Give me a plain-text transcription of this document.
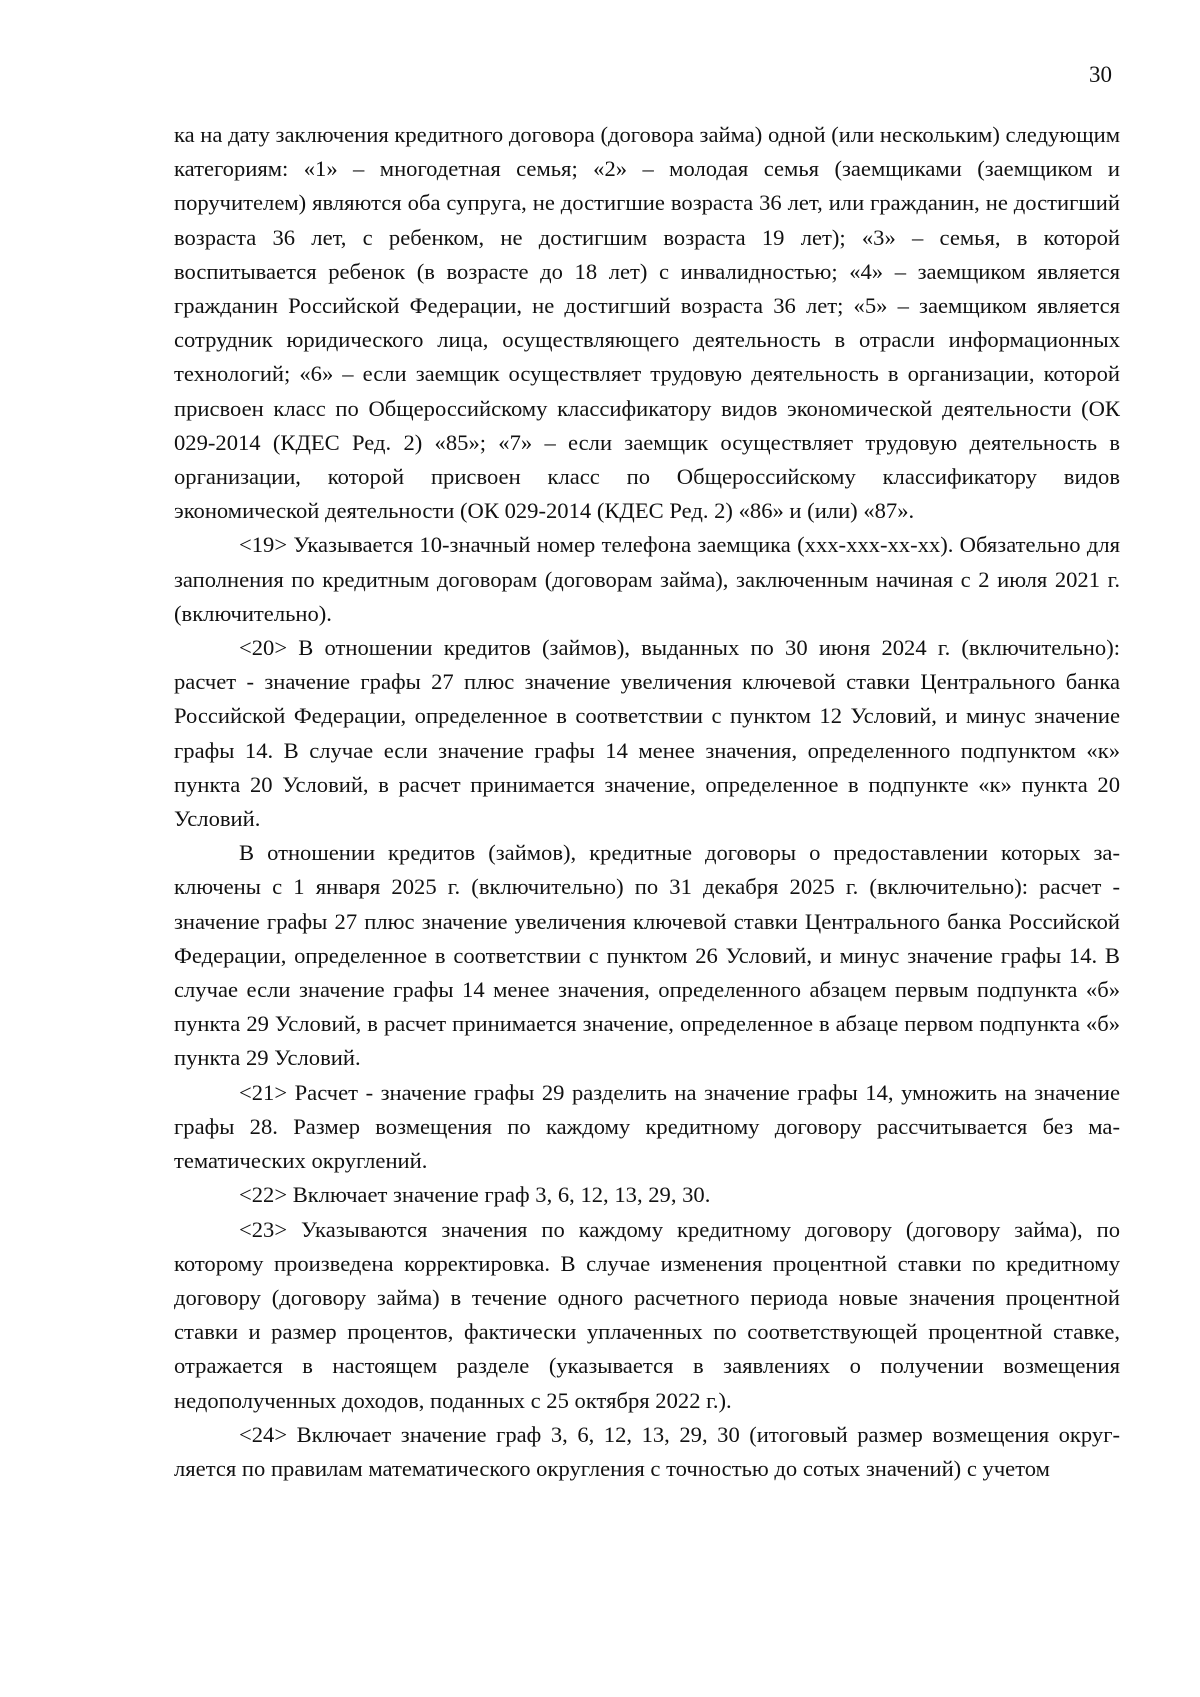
30

ка на дату заключения кредитного договора (договора займа) одной (или нескольким) следующим категориям: «1» – многодетная семья; «2» – молодая семья (заемщиками (заемщиком и поручителем) являются оба супруга, не достигшие возраста 36 лет, или гражданин, не достигший возраста 36 лет, с ребенком, не достигшим возраста 19 лет); «3» – семья, в которой воспитывается ребенок (в возрасте до 18 лет) с инвалидностью; «4» – заемщиком является гражданин Российской Федерации, не достигший возраста 36 лет; «5» – заемщиком является сотрудник юридического лица, осуществляющего деятельность в отрасли информационных технологий; «6» – если заемщик осуществляет трудовую деятельность в организации, которой присвоен класс по Общероссийскому классификатору видов экономической деятельности (ОК 029-2014 (КДЕС Ред. 2) «85»; «7» – если заемщик осуществляет трудовую деятельность в организации, которой присвоен класс по Общероссийскому классификатору видов экономической деятельности (ОК 029-2014 (КДЕС Ред. 2) «86» и (или) «87».

<19> Указывается 10-значный номер телефона заемщика (ххх-ххх-хх-хх). Обязательно для заполнения по кредитным договорам (договорам займа), заключенным начиная с 2 июля 2021 г. (включительно).

<20> В отношении кредитов (займов), выданных по 30 июня 2024 г. (включительно): расчет - значение графы 27 плюс значение увеличения ключевой ставки Центрального банка Российской Федерации, определенное в соответствии с пунктом 12 Условий, и минус значение графы 14. В случае если значение графы 14 менее значения, определенного подпунктом «к» пункта 20 Условий, в расчет принимается значение, определенное в подпункте «к» пункта 20 Условий.

В отношении кредитов (займов), кредитные договоры о предоставлении которых заключены с 1 января 2025 г. (включительно) по 31 декабря 2025 г. (включительно): расчет - значение графы 27 плюс значение увеличения ключевой ставки Центрального банка Российской Федерации, определенное в соответствии с пунктом 26 Условий, и минус значение графы 14. В случае если значение графы 14 менее значения, определенного абзацем первым подпункта «б» пункта 29 Условий, в расчет принимается значение, определенное в абзаце первом подпункта «б» пункта 29 Условий.

<21> Расчет - значение графы 29 разделить на значение графы 14, умножить на значение графы 28. Размер возмещения по каждому кредитному договору рассчитывается без математических округлений.

<22> Включает значение граф 3, 6, 12, 13, 29, 30.

<23> Указываются значения по каждому кредитному договору (договору займа), по которому произведена корректировка. В случае изменения процентной ставки по кредитному договору (договору займа) в течение одного расчетного периода новые значения процентной ставки и размер процентов, фактически уплаченных по соответствующей процентной ставке, отражается в настоящем разделе (указывается в заявлениях о получении возмещения недополученных доходов, поданных с 25 октября 2022 г.).

<24> Включает значение граф 3, 6, 12, 13, 29, 30 (итоговый размер возмещения округляется по правилам математического округления с точностью до сотых значений) с учетом
